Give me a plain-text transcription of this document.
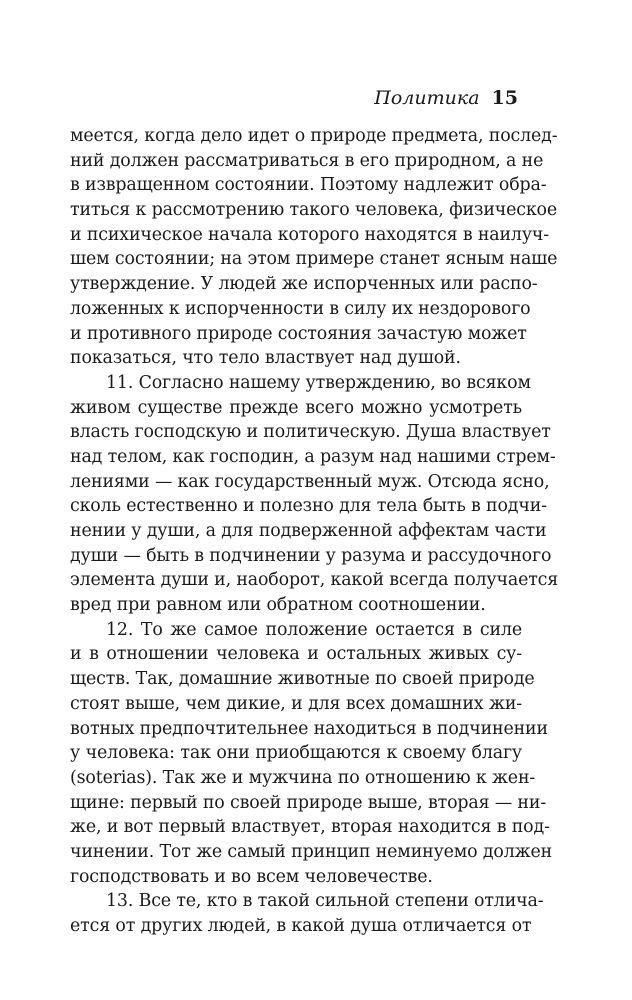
Политика 15
меется, когда дело идет о природе предмета, послед-
ний должен рассматриваться в его природном, а не
в извращенном состоянии. Поэтому надлежит обра-
титься к рассмотрению такого человека, физическое
и психическое начала которого находятся в наилуч-
шем состоянии; на этом примере станет ясным наше
утверждение. У людей же испорченных или распо-
ложенных к испорченности в силу их нездорового
и противного природе состояния зачастую может
показаться, что тело властвует над душой.
11. Согласно нашему утверждению, во всяком
живом существе прежде всего можно усмотреть
власть господскую и политическую. Душа властвует
над телом, как господин, а разум над нашими стрем-
лениями — как государственный муж. Отсюда ясно,
сколь естественно и полезно для тела быть в подчи-
нении у души, а для подверженной аффектам части
души — быть в подчинении у разума и рассудочного
элемента души и, наоборот, какой всегда получается
вред при равном или обратном соотношении.
12. То же самое положение остается в силе
и в отношении человека и остальных живых су-
ществ. Так, домашние животные по своей природе
стоят выше, чем дикие, и для всех домашних жи-
вотных предпочтительнее находиться в подчинении
у человека: так они приобщаются к своему благу
(soterias). Так же и мужчина по отношению к жен-
щине: первый по своей природе выше, вторая — ни-
же, и вот первый властвует, вторая находится в под-
чинении. Тот же самый принцип неминуемо должен
господствовать и во всем человечестве.
13. Все те, кто в такой сильной степени отлича-
ется от других людей, в какой душа отличается от
